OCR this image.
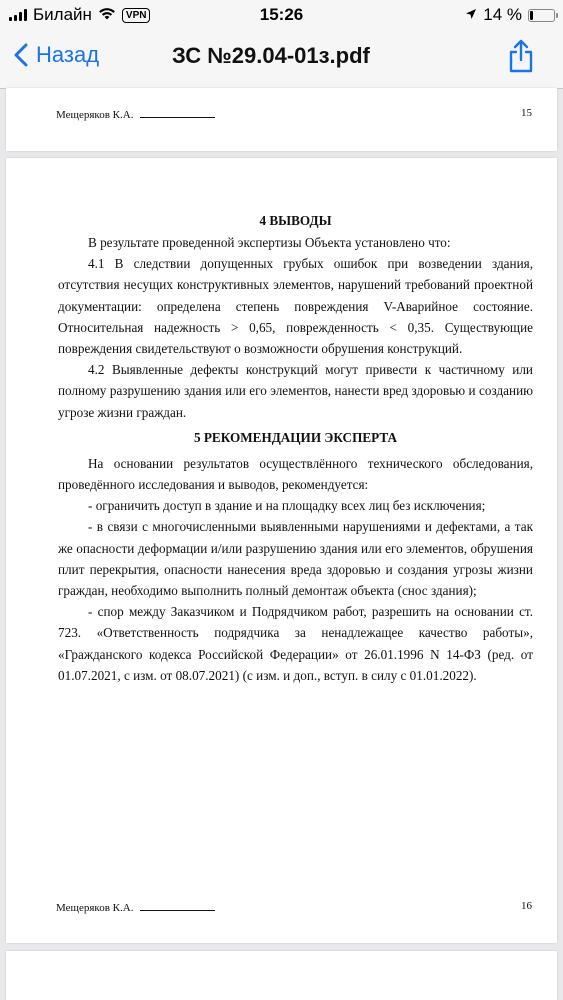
Билайн	VPN	15:26	14 %
Назад	ЗС №29.04-01з.pdf
Мещеряков К.А.	15

4 ВЫВОДЫ

В результате проведенной экспертизы Объекта установлено что:

4.1 В следствии допущенных грубых ошибок при возведении здания, отсутствия несущих конструктивных элементов, нарушений требований проектной документации: определена степень повреждения V-Аварийное состояние. Относительная надежность > 0,65, поврежденность < 0,35. Существующие повреждения свидетельствуют о возможности обрушения конструкций.

4.2 Выявленные дефекты конструкций могут привести к частичному или полному разрушению здания или его элементов, нанести вред здоровью и созданию угрозе жизни граждан.

5 РЕКОМЕНДАЦИИ ЭКСПЕРТА

На основании результатов осуществлённого технического обследования, проведённого исследования и выводов, рекомендуется:

- ограничить доступ в здание и на площадку всех лиц без исключения;

- в связи с многочисленными выявленными нарушениями и дефектами, а так же опасности деформации и/или разрушению здания или его элементов, обрушения плит перекрытия, опасности нанесения вреда здоровью и создания угрозы жизни граждан, необходимо выполнить полный демонтаж объекта (снос здания);

- спор между Заказчиком и Подрядчиком работ, разрешить на основании ст. 723. «Ответственность подрядчика за ненадлежащее качество работы», «Гражданского кодекса Российской Федерации» от 26.01.1996 N 14-ФЗ (ред. от 01.07.2021, с изм. от 08.07.2021) (с изм. и доп., вступ. в силу с 01.01.2022).

Мещеряков К.А.	16
